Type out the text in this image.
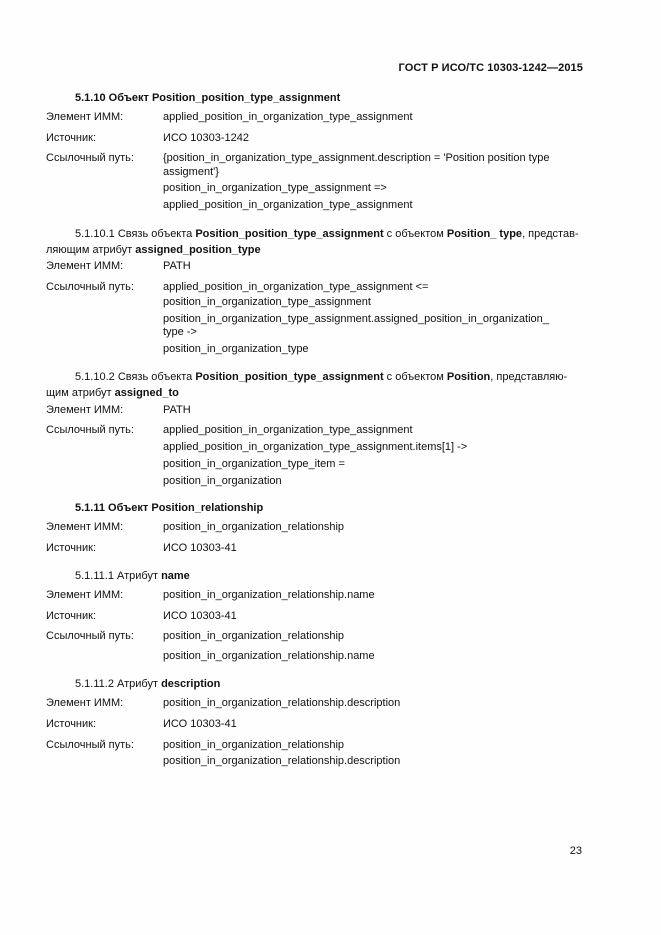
ГОСТ Р ИСО/ТС 10303-1242—2015
5.1.10 Объект Position_position_type_assignment
Элемент ИММ:	applied_position_in_organization_type_assignment
Источник:	ИСО 10303-1242
Ссылочный путь:	{position_in_organization_type_assignment.description = 'Position position type
assigment'}
position_in_organization_type_assignment =>
applied_position_in_organization_type_assignment
5.1.10.1 Связь объекта Position_position_type_assignment с объектом Position_ type, представ-
ляющим атрибут assigned_position_type
Элемент ИММ:	PATH
Ссылочный путь:	applied_position_in_organization_type_assignment <=
position_in_organization_type_assignment
position_in_organization_type_assignment.assigned_position_in_organization_
type ->
position_in_organization_type
5.1.10.2 Связь объекта Position_position_type_assignment с объектом Position, представляю-
щим атрибут assigned_to
Элемент ИММ:	PATH
Ссылочный путь:	applied_position_in_organization_type_assignment
applied_position_in_organization_type_assignment.items[1] ->
position_in_organization_type_item =
position_in_organization
5.1.11 Объект Position_relationship
Элемент ИММ:	position_in_organization_relationship
Источник:	ИСО 10303-41
5.1.11.1 Атрибут name
Элемент ИММ:	position_in_organization_relationship.name
Источник:	ИСО 10303-41
Ссылочный путь:	position_in_organization_relationship
position_in_organization_relationship.name
5.1.11.2 Атрибут description
Элемент ИММ:	position_in_organization_relationship.description
Источник:	ИСО 10303-41
Ссылочный путь:	position_in_organization_relationship
position_in_organization_relationship.description
23
